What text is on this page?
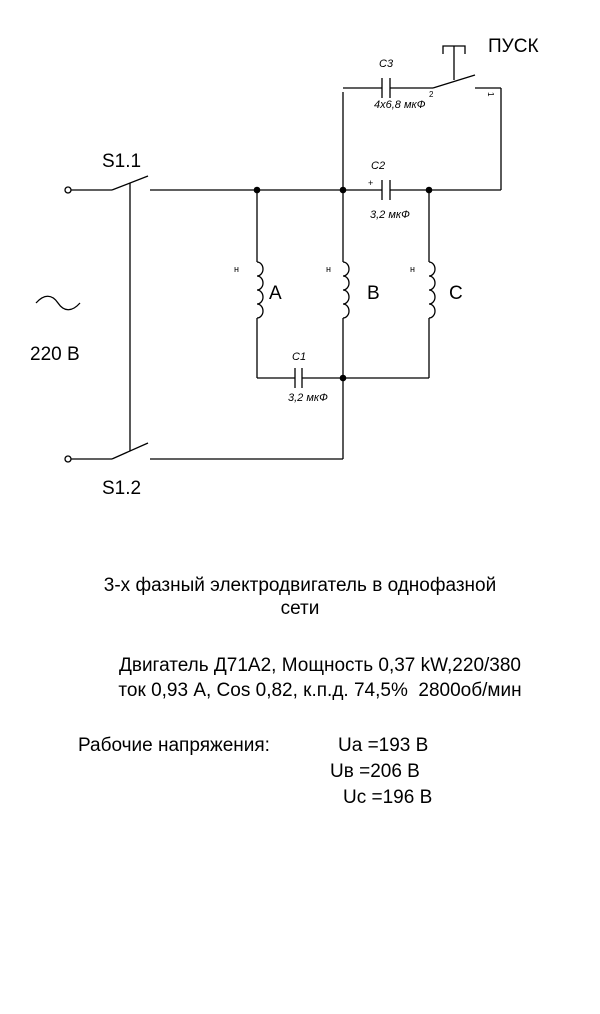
S1.1
S1.2
220 В
ПУСК
C3
4x6,8 мкФ
2	1
C2
+
3,2 мкФ
C1
3,2 мкФ
н	н	н
A	B	C
3-х фазный электродвигатель в однофазной
сети
Двигатель Д71А2, Мощность 0,37 kW,220/380
ток 0,93 А, Cos 0,82, к.п.д. 74,5%  2800об/мин
Рабочие напряжения:	Ua =193 В
Uв =206 В
Uc =196 В
